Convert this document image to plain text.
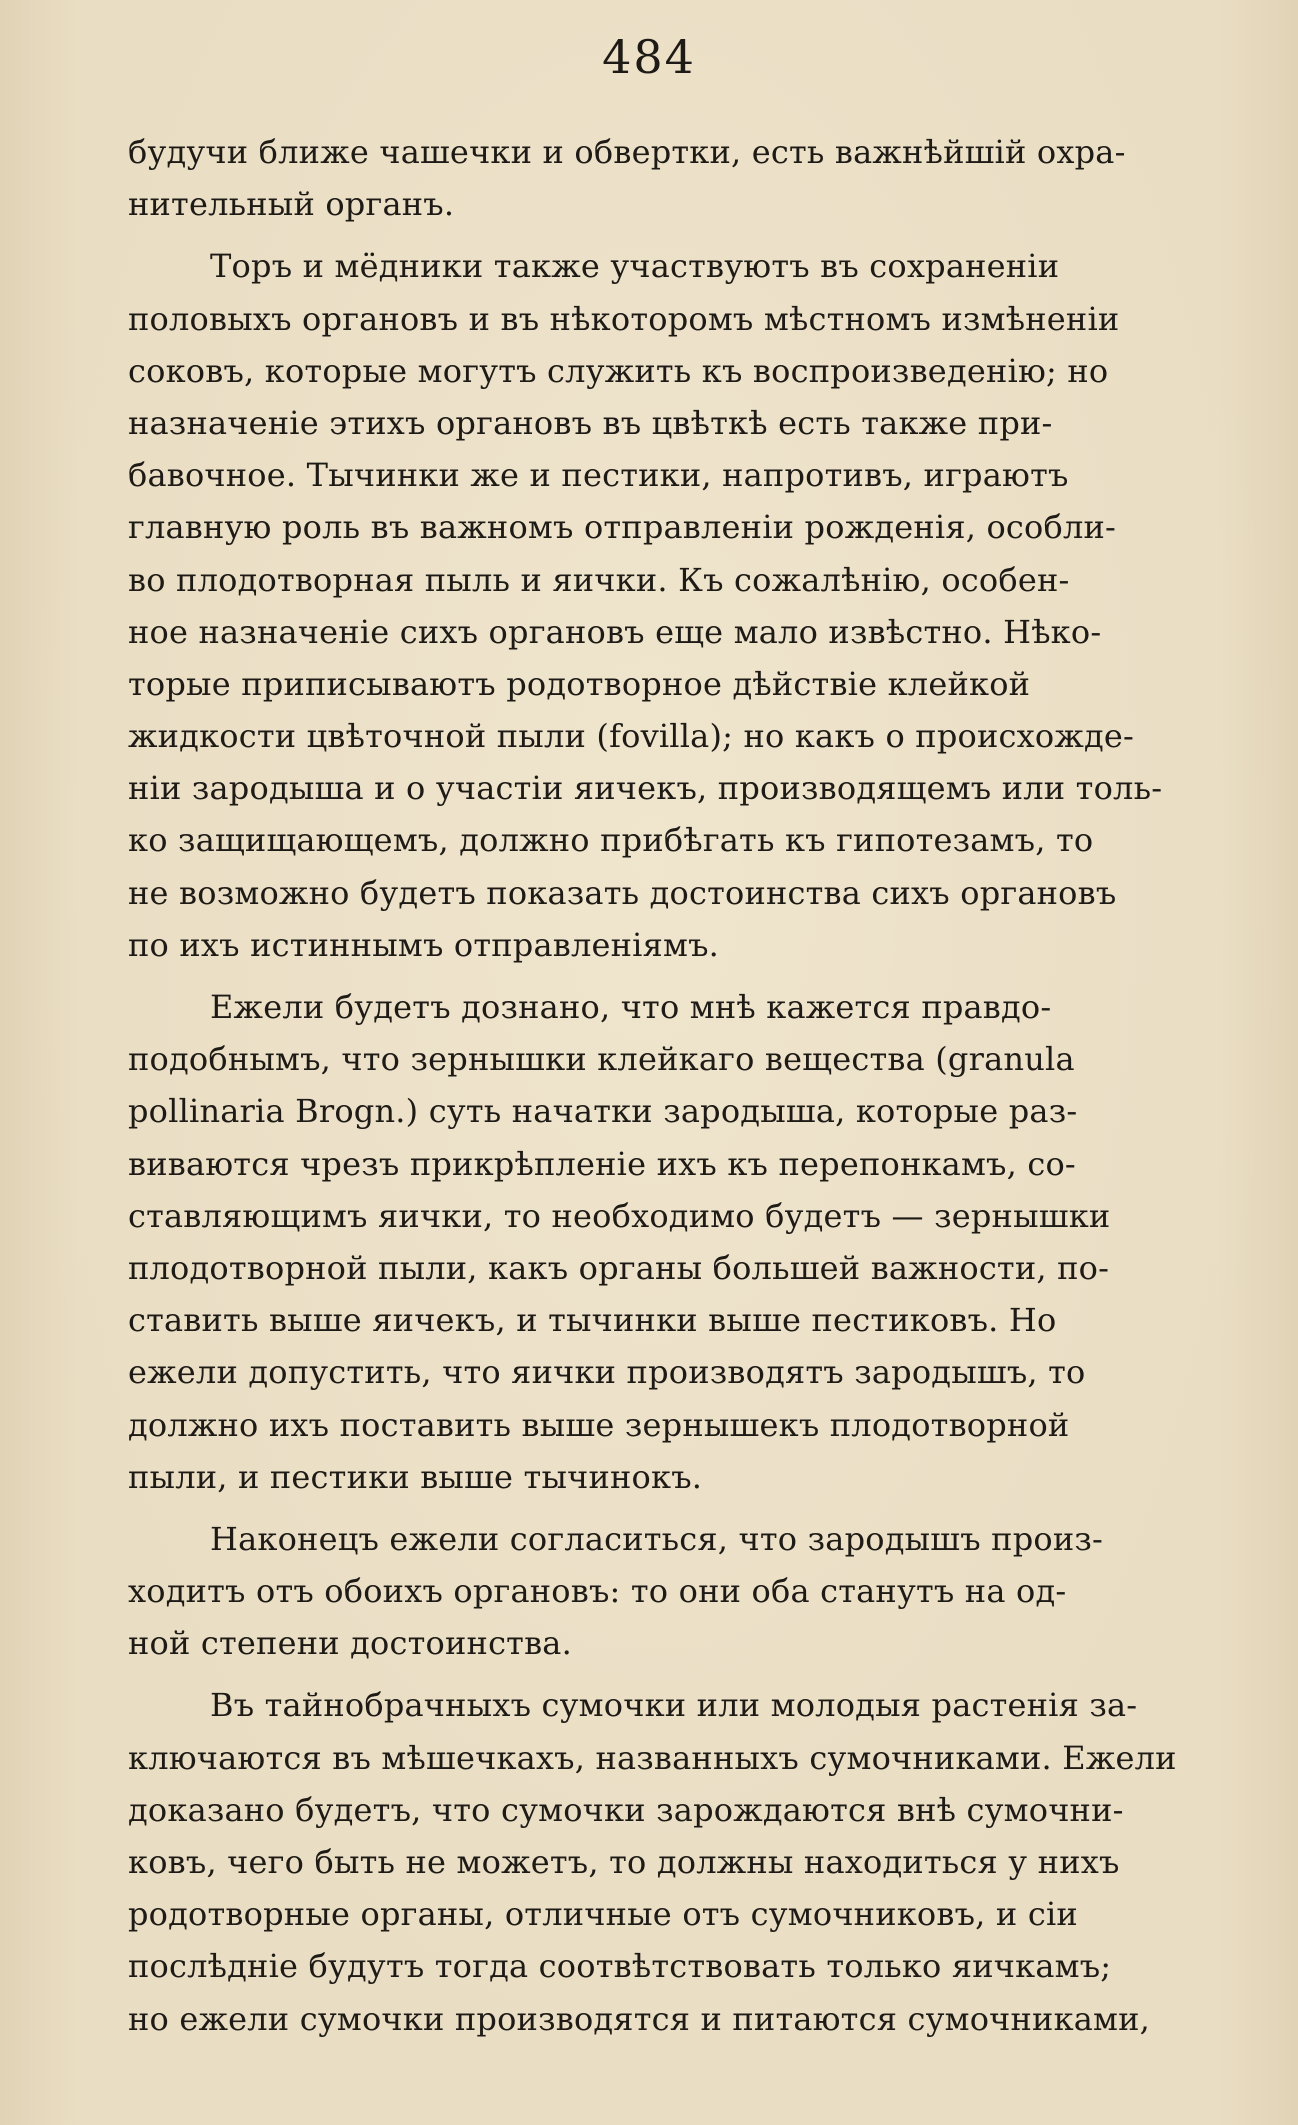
484
будучи ближе чашечки и обвертки, есть важнѣйшій охра-
нительный органъ.
Торъ и мёдники также участвуютъ въ сохраненіи
половыхъ органовъ и въ нѣкоторомъ мѣстномъ измѣненіи
соковъ, которые могутъ служить къ воспроизведенію; но
назначеніе этихъ органовъ въ цвѣткѣ есть также при-
бавочное. Тычинки же и пестики, напротивъ, играютъ
главную роль въ важномъ отправленіи рожденія, особли-
во плодотворная пыль и яички. Къ сожалѣнію, особен-
ное назначеніе сихъ органовъ еще мало извѣстно. Нѣко-
торые приписываютъ родотворное дѣйствіе клейкой
жидкости цвѣточной пыли (fovilla); но какъ о происхожде-
ніи зародыша и о участіи яичекъ, производящемъ или толь-
ко защищающемъ, должно прибѣгать къ гипотезамъ, то
не возможно будетъ показать достоинства сихъ органовъ
по ихъ истиннымъ отправленіямъ.
Ежели будетъ дознано, что мнѣ кажется правдо-
подобнымъ, что зернышки клейкаго вещества (granula
pollinaria Brogn.) суть начатки зародыша, которые раз-
виваются чрезъ прикрѣпленіе ихъ къ перепонкамъ, со-
ставляющимъ яички, то необходимо будетъ — зернышки
плодотворной пыли, какъ органы большей важности, по-
ставить выше яичекъ, и тычинки выше пестиковъ. Но
ежели допустить, что яички производятъ зародышъ, то
должно ихъ поставить выше зернышекъ плодотворной
пыли, и пестики выше тычинокъ.
Наконецъ ежели согласиться, что зародышъ произ-
ходитъ отъ обоихъ органовъ: то они оба станутъ на од-
ной степени достоинства.
Въ тайнобрачныхъ сумочки или молодыя растенія за-
ключаются въ мѣшечкахъ, названныхъ сумочниками. Ежели
доказано будетъ, что сумочки зарождаются внѣ сумочни-
ковъ, чего быть не можетъ, то должны находиться у нихъ
родотворные органы, отличные отъ сумочниковъ, и сіи
послѣдніе будутъ тогда соотвѣтствовать только яичкамъ;
но ежели сумочки производятся и питаются сумочниками,
